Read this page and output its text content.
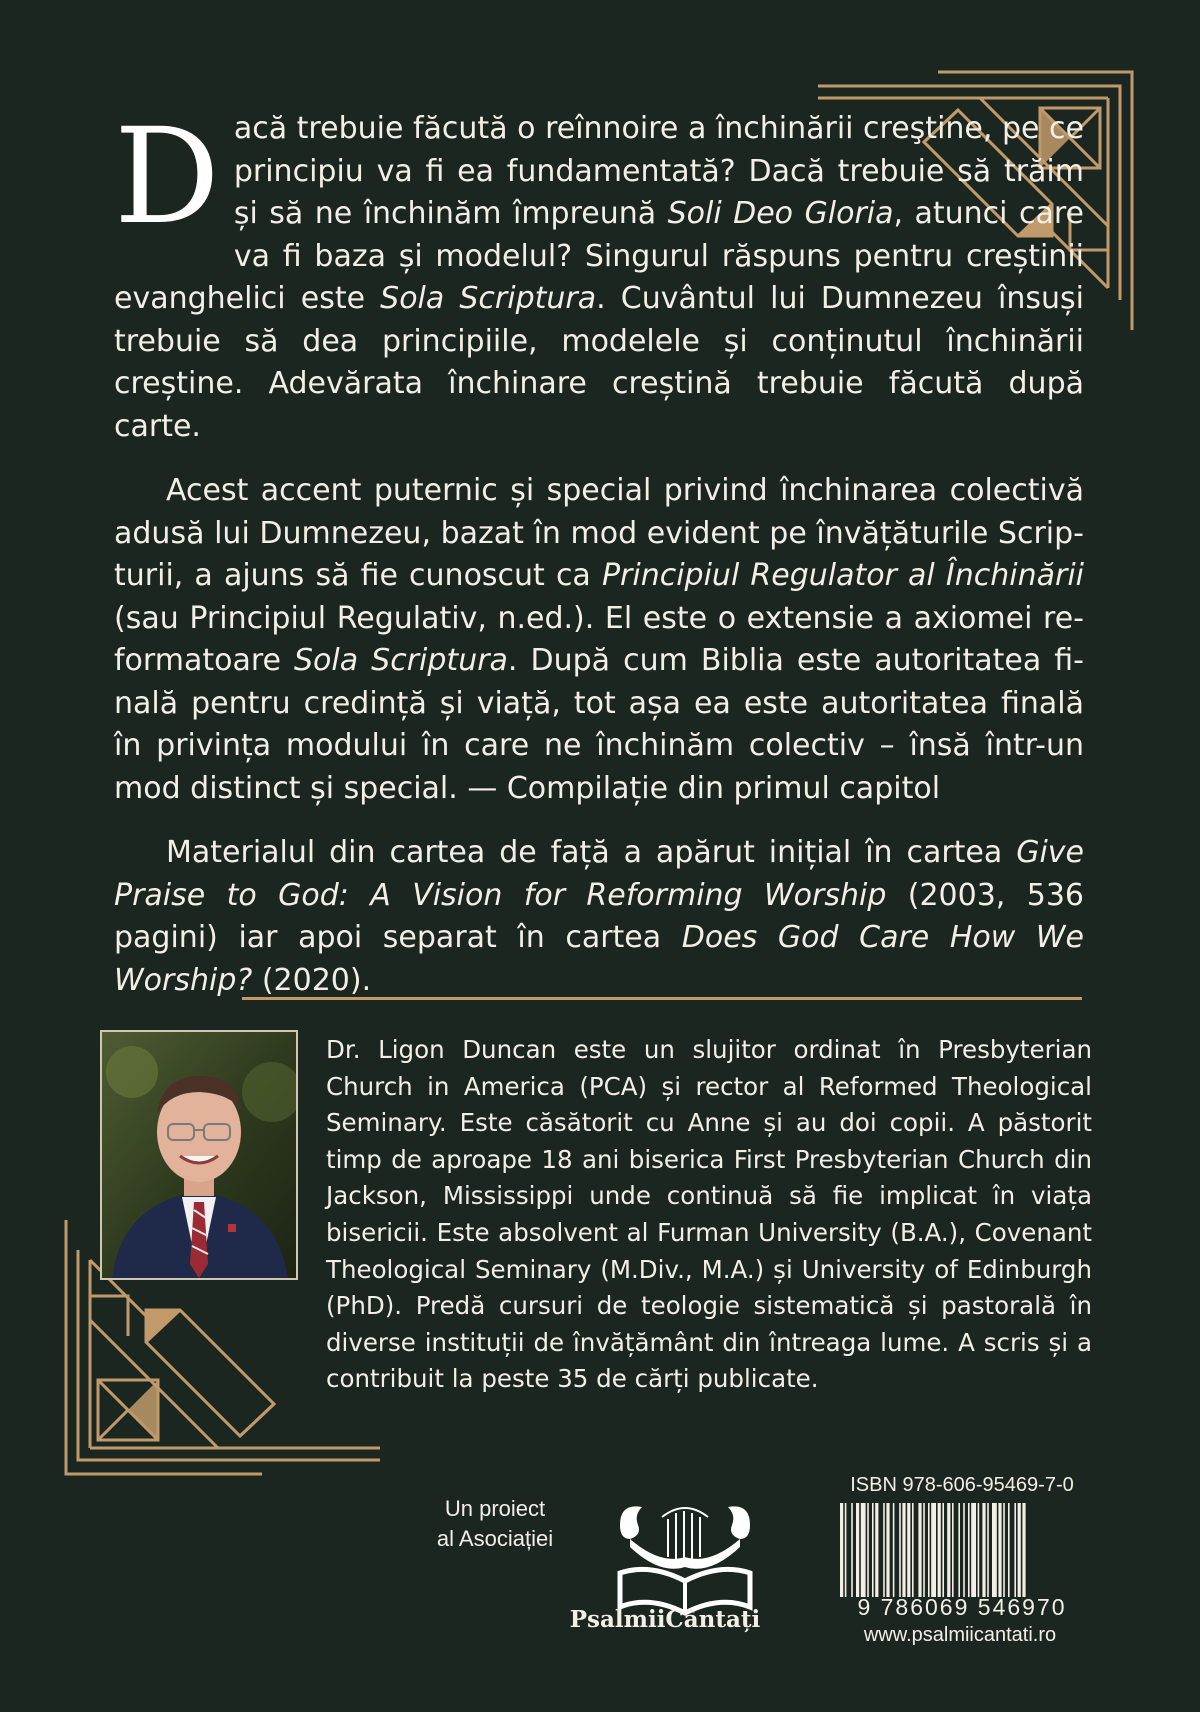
Dacă trebuie făcută o reînnoire a închinării creştine, pe ce principiu va fi ea fundamentată? Dacă trebuie să trăim și să ne închinăm împreună Soli Deo Gloria, atunci care va fi baza și modelul? Singurul răspuns pentru creștinii evanghelici este Sola Scriptura. Cuvântul lui Dumnezeu însuși trebuie să dea principiile, modelele și conținutul închinării creștine. Adevărata închinare creștină trebuie făcută după carte.

Acest accent puternic și special privind închinarea colectivă adusă lui Dumnezeu, bazat în mod evident pe învățăturile Scripturii, a ajuns să fie cunoscut ca Principiul Regulator al Închinării (sau Principiul Regulativ, n.ed.). El este o extensie a axiomei reformatoare Sola Scriptura. După cum Biblia este autoritatea finală pentru credință și viață, tot așa ea este autoritatea finală în privința modului în care ne închinăm colectiv – însă într-un mod distinct și special. — Compilație din primul capitol

Materialul din cartea de față a apărut inițial în cartea Give Praise to God: A Vision for Reforming Worship (2003, 536 pagini) iar apoi separat în cartea Does God Care How We Worship? (2020).

Dr. Ligon Duncan este un slujitor ordinat în Presbyterian Church in America (PCA) și rector al Reformed Theological Seminary. Este căsătorit cu Anne și au doi copii. A păstorit timp de aproape 18 ani biserica First Presbyterian Church din Jackson, Mississippi unde continuă să fie implicat în viața bisericii. Este absolvent al Furman University (B.A.), Covenant Theological Seminary (M.Div., M.A.) și University of Edinburgh (PhD). Predă cursuri de teologie sistematică și pastorală în diverse instituții de învățământ din întreaga lume. A scris și a contribuit la peste 35 de cărți publicate.
Un proiect
al Asociației
PsalmiiCântați
ISBN 978-606-95469-7-0
9 786069 546970
www.psalmiicantati.ro
